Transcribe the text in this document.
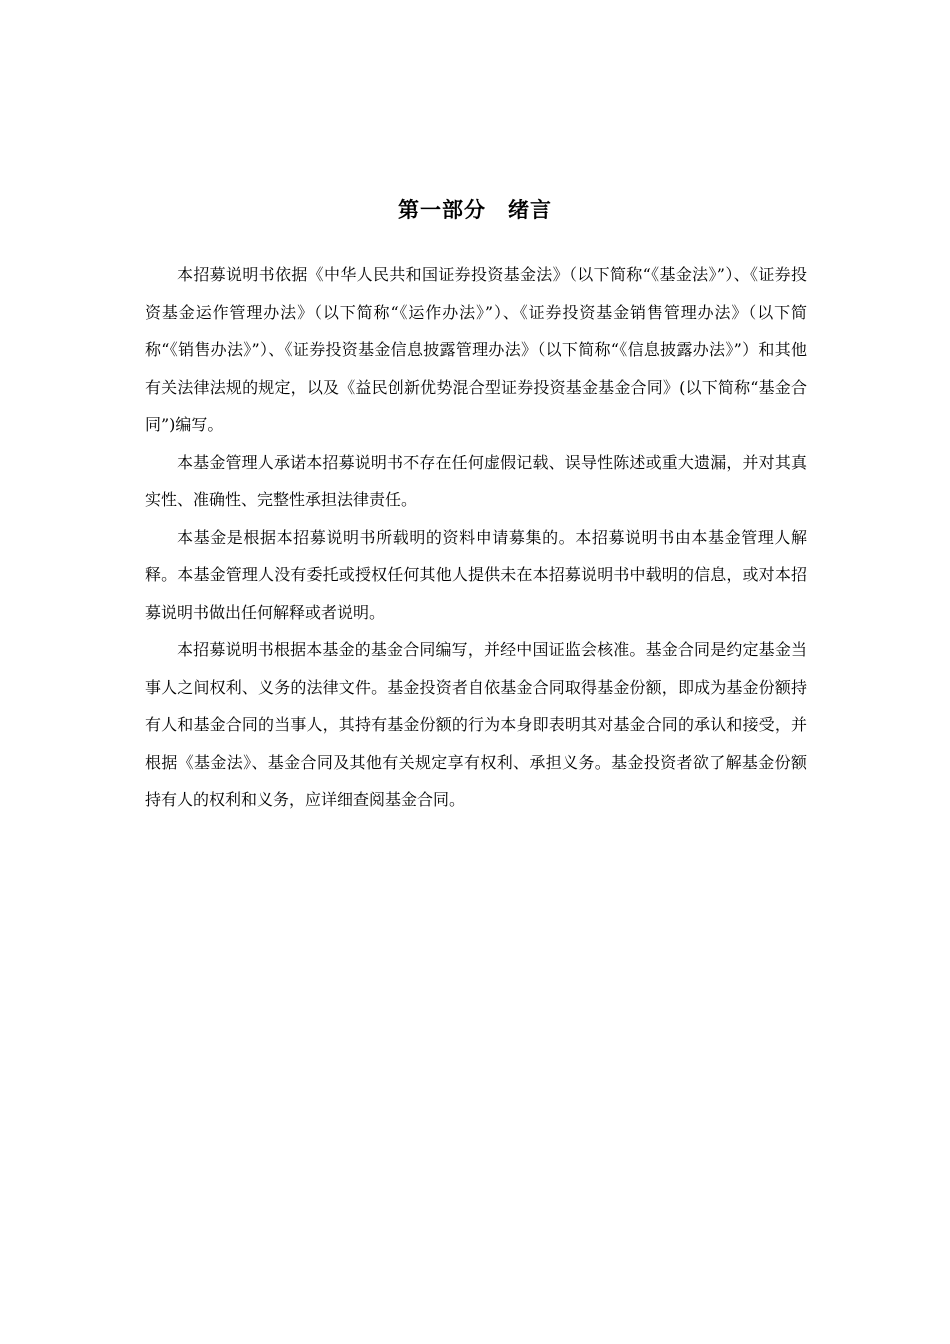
第一部分 绪言

本招募说明书依据《中华人民共和国证券投资基金法》（以下简称“《基金法》”）、《证券投资基金运作管理办法》（以下简称“《运作办法》”）、《证券投资基金销售管理办法》（以下简称“《销售办法》”）、《证券投资基金信息披露管理办法》（以下简称“《信息披露办法》”）和其他有关法律法规的规定，以及《益民创新优势混合型证券投资基金基金合同》(以下简称“基金合同”)编写。

本基金管理人承诺本招募说明书不存在任何虚假记载、误导性陈述或重大遗漏，并对其真实性、准确性、完整性承担法律责任。

本基金是根据本招募说明书所载明的资料申请募集的。本招募说明书由本基金管理人解释。本基金管理人没有委托或授权任何其他人提供未在本招募说明书中载明的信息，或对本招募说明书做出任何解释或者说明。

本招募说明书根据本基金的基金合同编写，并经中国证监会核准。基金合同是约定基金当事人之间权利、义务的法律文件。基金投资者自依基金合同取得基金份额，即成为基金份额持有人和基金合同的当事人，其持有基金份额的行为本身即表明其对基金合同的承认和接受，并根据《基金法》、基金合同及其他有关规定享有权利、承担义务。基金投资者欲了解基金份额持有人的权利和义务，应详细查阅基金合同。
